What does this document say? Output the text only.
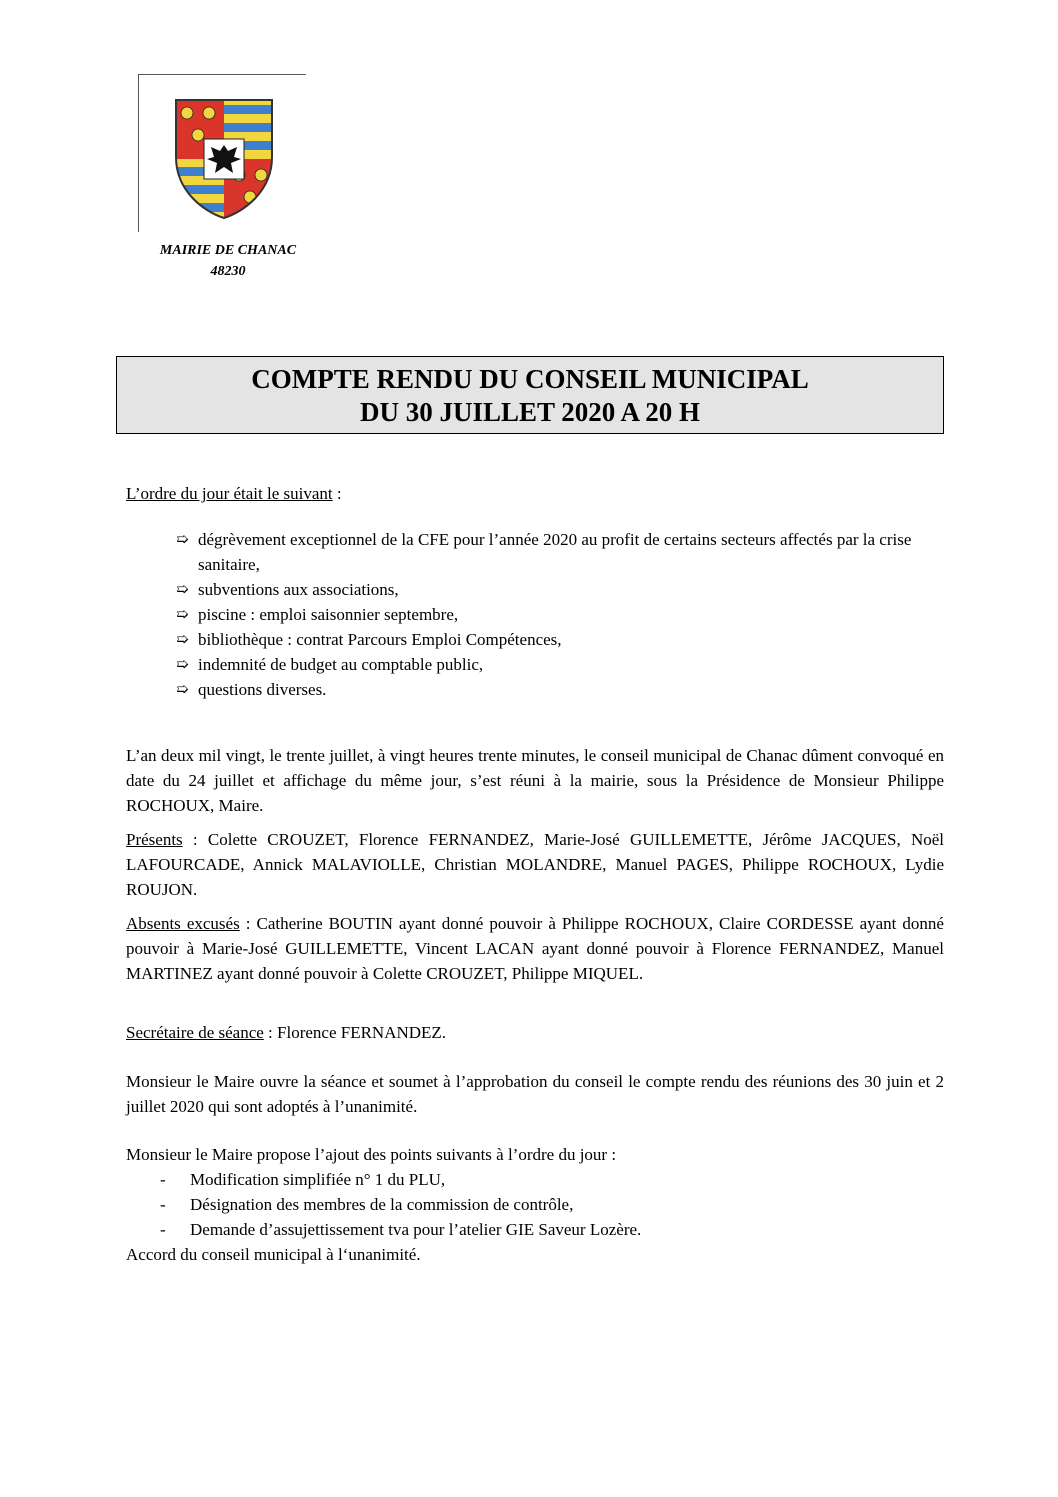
MAIRIE DE CHANAC
48230
COMPTE RENDU DU CONSEIL MUNICIPAL
DU 30 JUILLET 2020 A 20 H
L’ordre du jour était le suivant :
➯ dégrèvement exceptionnel de la CFE pour l’année 2020 au profit de certains secteurs affectés par la crise sanitaire,
➯ subventions aux associations,
➯ piscine : emploi saisonnier septembre,
➯ bibliothèque : contrat Parcours Emploi Compétences,
➯ indemnité de budget au comptable public,
➯ questions diverses.
L’an deux mil vingt, le trente juillet, à vingt heures trente minutes, le conseil municipal de Chanac dûment convoqué en date du 24 juillet et affichage du même jour, s’est réuni à la mairie, sous la Présidence de Monsieur Philippe ROCHOUX, Maire.
Présents : Colette CROUZET, Florence FERNANDEZ, Marie-José GUILLEMETTE, Jérôme JACQUES, Noël LAFOURCADE, Annick MALAVIOLLE, Christian MOLANDRE, Manuel PAGES, Philippe ROCHOUX, Lydie ROUJON.
Absents excusés : Catherine BOUTIN ayant donné pouvoir à Philippe ROCHOUX, Claire CORDESSE ayant donné pouvoir à Marie-José GUILLEMETTE, Vincent LACAN ayant donné pouvoir à Florence FERNANDEZ, Manuel MARTINEZ ayant donné pouvoir à Colette CROUZET, Philippe MIQUEL.
Secrétaire de séance : Florence FERNANDEZ.
Monsieur le Maire ouvre la séance et soumet à l’approbation du conseil le compte rendu des réunions des 30 juin et 2 juillet 2020 qui sont adoptés à l’unanimité.
Monsieur le Maire propose l’ajout des points suivants à l’ordre du jour :
- Modification simplifiée n° 1 du PLU,
- Désignation des membres de la commission de contrôle,
- Demande d’assujettissement tva pour l’atelier GIE Saveur Lozère.
Accord du conseil municipal à l‘unanimité.
